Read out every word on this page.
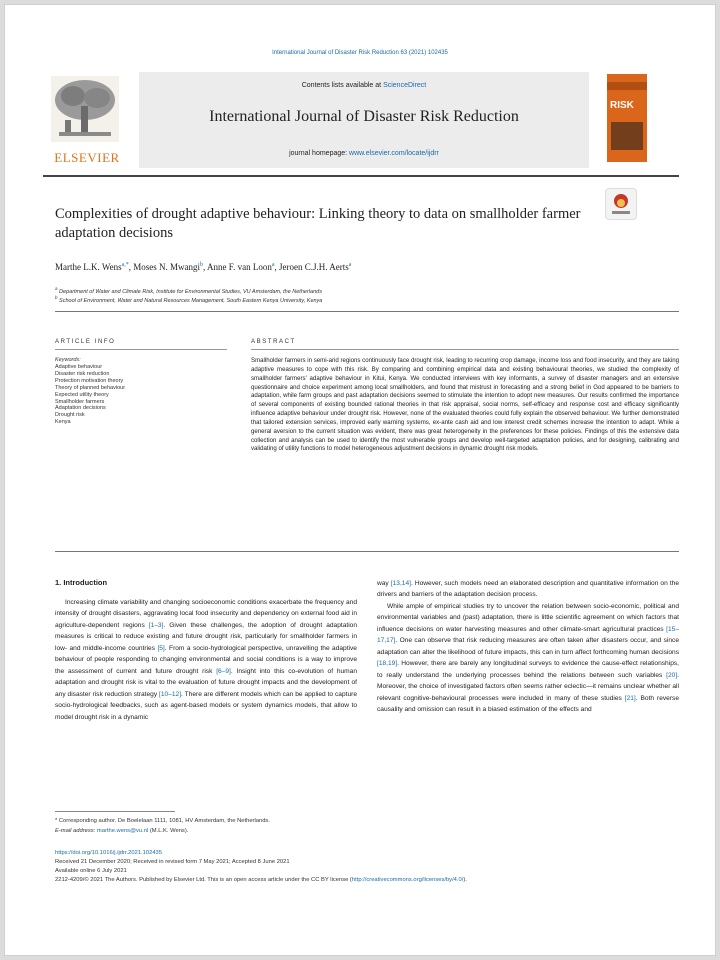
International Journal of Disaster Risk Reduction 63 (2021) 102435
ELSEVIER
Contents lists available at ScienceDirect
International Journal of Disaster Risk Reduction
journal homepage: www.elsevier.com/locate/ijdrr
RISK
Complexities of drought adaptive behaviour: Linking theory to data on smallholder farmer adaptation decisions
Marthe L.K. Wens$^{a,*}$, Moses N. Mwangi$^b$, Anne F. van Loon$^a$, Jeroen C.J.H. Aerts$^a$
$^a$ Department of Water and Climate Risk, Institute for Environmental Studies, VU Amsterdam, the Netherlands
$^b$ School of Environment, Water and Natural Resources Management, South Eastern Kenya University, Kenya
ARTICLE INFO	ABSTRACT
Keywords:
Adaptive behaviour
Disaster risk reduction
Protection motivation theory
Theory of planned behaviour
Expected utility theory
Smallholder farmers
Adaptation decisions
Drought risk
Kenya
Smallholder farmers in semi-arid regions continuously face drought risk, leading to recurring crop damage, income loss and food insecurity, and they are taking adaptive measures to cope with this risk. By comparing and combining empirical data and existing behavioural theories, we studied the complexity of smallholder farmers' adaptive behaviour in Kitui, Kenya. We conducted interviews with key informants, a survey of disaster managers and an extensive questionnaire and choice experiment among local smallholders, and found that mistrust in forecasting and a strong belief in God appeared to be barriers to adaptation, while farm groups and past adaptation decisions seemed to stimulate the intention to adopt new measures. Our results confirmed the importance of several components of existing bounded rational theories in that risk appraisal, social norms, self-efficacy and response cost and efficacy significantly influence adaptive behaviour under drought risk. However, none of the evaluated theories could fully explain the observed behaviour. We further demonstrated that tailored extension services, improved early warning systems, ex-ante cash aid and low interest credit schemes increase the intention to adapt. While a general aversion to the current situation was evident, there was great heterogeneity in the preferences for these policies. Findings of this the extensive data collection and analysis can be used to identify the most vulnerable groups and develop well-targeted adaptation policies, and for designing, calibrating and validating of utility functions to model heterogeneous adjustment decisions in dynamic drought risk models.
1. Introduction
Increasing climate variability and changing socioeconomic conditions exacerbate the frequency and intensity of drought disasters, aggravating local food insecurity and dependency on external food aid in agriculture-dependent regions [1–3]. Given these challenges, the adoption of drought adaptation measures is critical to reduce existing and future drought risk, particularly for smallholder farmers in low- and middle-income countries [5]. From a socio-hydrological perspective, unravelling the adaptive behaviour of people responding to changing environmental and social conditions is a way to improve the assessment of current and future drought risk [6–9]. Insight into this co-evolution of human adaptation and drought risk is vital to the evaluation of future drought impacts and the development of any disaster risk reduction strategy [10–12]. There are different models which can be applied to capture socio-hydrological feedbacks, such as agent-based models or system dynamics models, that allow to model drought risk in a dynamic

way [13,14]. However, such models need an elaborated description and quantitative information on the drivers and barriers of the adaptation decision process.

While ample of empirical studies try to uncover the relation between socio-economic, political and environmental variables and (past) adaptation, there is little scientific agreement on which factors that influence decisions on water harvesting measures and other climate-smart agricultural practices [15–17,17]. One can observe that risk reducing measures are often taken after disasters occur, and since adaptation can alter the likelihood of future impacts, this can in turn affect forthcoming human decisions [18,19]. However, there are barely any longitudinal surveys to evidence the cause-effect relationships, to really understand the underlying processes behind the relations between such variables [20]. Moreover, the choice of investigated factors often seems rather eclectic—it remains unclear whether all relevant cognitive-behavioural processes were included in many of these studies [21]. Both reverse causality and omission can result in a biased estimation of the effects and

* Corresponding author. De Boelelaan 1111, 1081, HV Amsterdam, the Netherlands.
E-mail address: marthe.wens@vu.nl (M.L.K. Wens).
https://doi.org/10.1016/j.ijdrr.2021.102435
Received 21 December 2020; Received in revised form 7 May 2021; Accepted 8 June 2021
Available online 6 July 2021
2212-4209/© 2021 The Authors. Published by Elsevier Ltd. This is an open access article under the CC BY license (http://creativecommons.org/licenses/by/4.0/).
